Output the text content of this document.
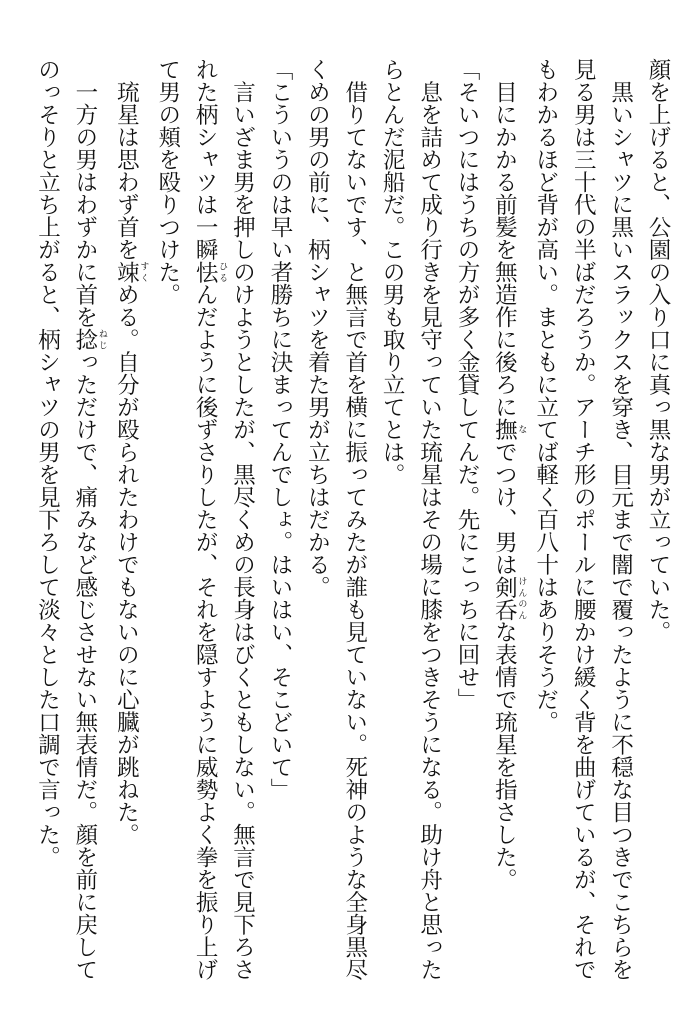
顔を上げると、公園の入り口に真っ黒な男が立っていた。

　黒いシャツに黒いスラックスを穿き、目元まで闇で覆ったように不穏な目つきでこちらを見る男は三十代の半ばだろうか。アーチ形のポールに腰かけ緩く背を曲げているが、それでもわかるほど背が高い。まともに立てば軽く百八十はありそうだ。

　目にかかる前髪を無造作に後ろに撫 なでつけ、男は剣呑 けんのんな表情で琉星を指さした。

「そいつにはうちの方が多く金貸してんだ。先にこっちに回せ」

　息を詰めて成り行きを見守っていた琉星はその場に膝をつきそうになる。助け舟と思ったらとんだ泥船だ。この男も取り立てとは。

　借りてないです、と無言で首を横に振ってみたが誰も見ていない。死神のような全身黒尽くめの男の前に、柄シャツを着た男が立ちはだかる。

「こういうのは早い者勝ちに決まってんでしょ。はいはい、そこどいて」

　言いざま男を押しのけようとしたが、黒尽くめの長身はびくともしない。無言で見下ろされた柄シャツは一瞬怯 ひるんだように後ずさりしたが、それを隠すように威勢よく拳を振り上げて男の頬を殴りつけた。

　琉星は思わず首を竦 すくめる。自分が殴られたわけでもないのに心臓が跳ねた。

　一方の男はわずかに首を捻 ねじっただけで、痛みなど感じさせない無表情だ。顔を前に戻してのっそりと立ち上がると、柄シャツの男を見下ろして淡々とした口調で言った。
